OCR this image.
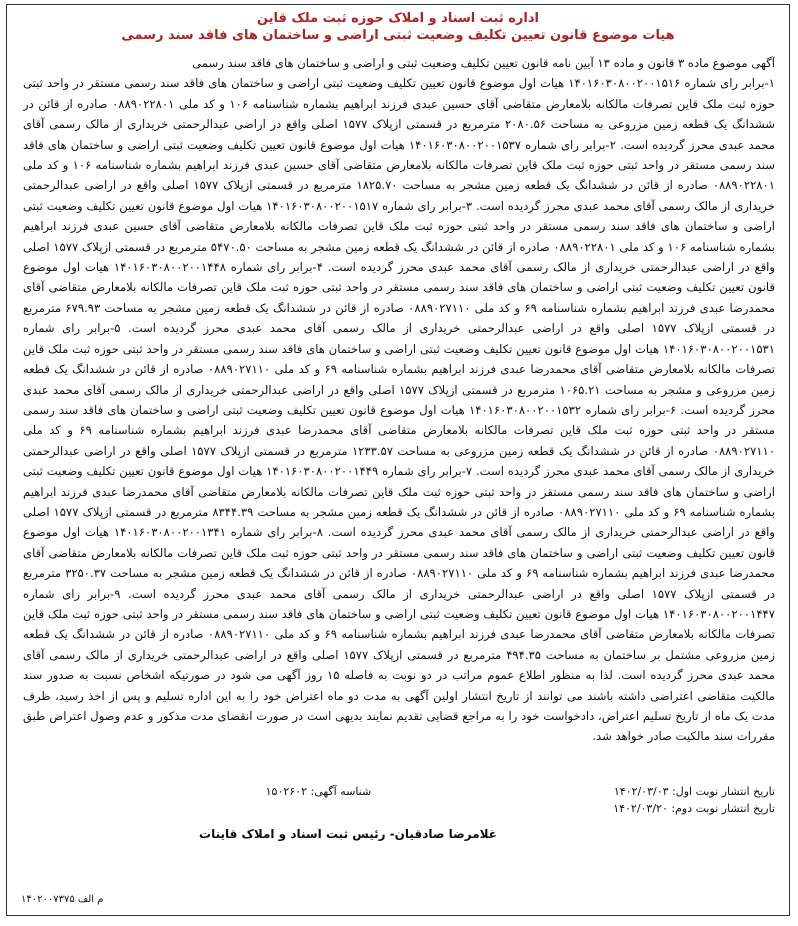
اداره ثبت اسناد و املاک حوزه ثبت ملک قاین
هیات موضوع قانون تعیین تکلیف وضعیت ثبتی اراضی و ساختمان های فاقد سند رسمی

آگهی موضوع ماده ۳ قانون و ماده ۱۳ آیین نامه قانون تعیین تکلیف وضعیت ثبتی و اراضی و ساختمان های فاقد سند رسمی

۱-برابر رای شماره ۱۴۰۱۶۰۳۰۸۰۰۲۰۰۱۵۱۶ هیات اول موضوع قانون تعیین تکلیف وضعیت ثبتی اراضی و ساختمان های فاقد سند رسمی مستقر در واحد ثبتی حوزه ثبت ملک قاین تصرفات مالکانه بلامعارض متقاضی آقای حسین عبدی فرزند ابراهیم بشماره شناسنامه ۱۰۶ و کد ملی ۰۸۸۹۰۲۲۸۰۱ صادره از قائن در ششدانگ یک قطعه زمین مزروعی به مساحت ۲۰۸۰.۵۶ مترمربع در قسمتی ازپلاک ۱۵۷۷ اصلی واقع در اراضی عبدالرحمتی خریداری از مالک رسمی آقای محمد عبدی محرز گردیده است. ۲-برابر رای شماره ۱۴۰۱۶۰۳۰۸۰۰۲۰۰۱۵۳۷ هیات اول موضوع قانون تعیین تکلیف وضعیت ثبتی اراضی و ساختمان های فاقد سند رسمی مستقر در واحد ثبتی حوزه ثبت ملک قاین تصرفات مالکانه بلامعارض متقاضی آقای حسین عبدی فرزند ابراهیم بشماره شناسنامه ۱۰۶ و کد ملی ۰۸۸۹۰۲۲۸۰۱ صادره از قائن در ششدانگ یک قطعه زمین مشجر به مساحت ۱۸۲۵.۷۰ مترمربع در قسمتی ازپلاک ۱۵۷۷ اصلی واقع در اراضی عبدالرحمتی خریداری از مالک رسمی آقای محمد عبدی محرز گردیده است. ۳-برابر رای شماره ۱۴۰۱۶۰۳۰۸۰۰۲۰۰۱۵۱۷ هیات اول موضوع قانون تعیین تکلیف وضعیت ثبتی اراضی و ساختمان های فاقد سند رسمی مستقر در واحد ثبتی حوزه ثبت ملک قاین تصرفات مالکانه بلامعارض متقاضی آقای حسین عبدی فرزند ابراهیم بشماره شناسنامه ۱۰۶ و کد ملی ۰۸۸۹۰۲۲۸۰۱ صادره از قائن در ششدانگ یک قطعه زمین مشجر به مساحت ۵۴۷۰.۵۰ مترمربع در قسمتی ازپلاک ۱۵۷۷ اصلی واقع در اراضی عبدالرحمتی خریداری از مالک رسمی آقای محمد عبدی محرز گردیده است. ۴-برابر رای شماره ۱۴۰۱۶۰۳۰۸۰۰۲۰۰۱۴۴۸ هیات اول موضوع قانون تعیین تکلیف وضعیت ثبتی اراضی و ساختمان های فاقد سند رسمی مستقر در واحد ثبتی حوزه ثبت ملک قاین تصرفات مالکانه بلامعارض متقاضی آقای محمدرضا عبدی فرزند ابراهیم بشماره شناسنامه ۶۹ و کد ملی ۰۸۸۹۰۲۷۱۱۰ صادره از قائن در ششدانگ یک قطعه زمین مشجر به مساحت ۶۷۹.۹۳ مترمربع در قسمتی ازپلاک ۱۵۷۷ اصلی واقع در اراضی عبدالرحمتی خریداری از مالک رسمی آقای محمد عبدی محرز گردیده است. ۵-برابر رای شماره ۱۴۰۱۶۰۳۰۸۰۰۲۰۰۱۵۳۱ هیات اول موضوع قانون تعیین تکلیف وضعیت ثبتی اراضی و ساختمان های فاقد سند رسمی مستقر در واحد ثبتی حوزه ثبت ملک قاین تصرفات مالکانه بلامعارض متقاضی آقای محمدرضا عبدی فرزند ابراهیم بشماره شناسنامه ۶۹ و کد ملی ۰۸۸۹۰۲۷۱۱۰ صادره از قائن در ششدانگ یک قطعه زمین مزروعی و مشجر به مساحت ۱۰۶۵.۲۱ مترمربع در قسمتی ازپلاک ۱۵۷۷ اصلی واقع در اراضی عبدالرحمتی خریداری از مالک رسمی آقای محمد عبدی محرز گردیده است. ۶-برابر رای شماره ۱۴۰۱۶۰۳۰۸۰۰۲۰۰۱۵۳۲ هیات اول موضوع قانون تعیین تکلیف وضعیت ثبتی اراضی و ساختمان های فاقد سند رسمی مستقر در واحد ثبتی حوزه ثبت ملک قاین تصرفات مالکانه بلامعارض متقاضی آقای محمدرضا عبدی فرزند ابراهیم بشماره شناسنامه ۶۹ و کد ملی ۰۸۸۹۰۲۷۱۱۰ صادره از قائن در ششدانگ یک قطعه زمین مزروعی به مساحت ۱۲۳۳.۵۷ مترمربع در قسمتی ازپلاک ۱۵۷۷ اصلی واقع در اراضی عبدالرحمتی خریداری از مالک رسمی آقای محمد عبدی محرز گردیده است. ۷-برابر رای شماره ۱۴۰۱۶۰۳۰۸۰۰۲۰۰۱۴۴۹ هیات اول موضوع قانون تعیین تکلیف وضعیت ثبتی اراضی و ساختمان های فاقد سند رسمی مستقر در واحد ثبتی حوزه ثبت ملک قاین تصرفات مالکانه بلامعارض متقاضی آقای محمدرضا عبدی فرزند ابراهیم بشماره شناسنامه ۶۹ و کد ملی ۰۸۸۹۰۲۷۱۱۰ صادره از قائن در ششدانگ یک قطعه زمین مشجر به مساحت ۸۳۴۴.۳۹ مترمربع در قسمتی ازپلاک ۱۵۷۷ اصلی واقع در اراضی عبدالرحمتی خریداری از مالک رسمی آقای محمد عبدی محرز گردیده است. ۸-برابر رای شماره ۱۴۰۱۶۰۳۰۸۰۰۲۰۰۱۳۴۱ هیات اول موضوع قانون تعیین تکلیف وضعیت ثبتی اراضی و ساختمان های فاقد سند رسمی مستقر در واحد ثبتی حوزه ثبت ملک قاین تصرفات مالکانه بلامعارض متقاضی آقای محمدرضا عبدی فرزند ابراهیم بشماره شناسنامه ۶۹ و کد ملی ۰۸۸۹۰۲۷۱۱۰ صادره از قائن در ششدانگ یک قطعه زمین مشجر به مساحت ۳۲۵۰.۳۷ مترمربع در قسمتی ازپلاک ۱۵۷۷ اصلی واقع در اراضی عبدالرحمتی خریداری از مالک رسمی آقای محمد عبدی محرز گردیده است. ۹-برابر رای شماره ۱۴۰۱۶۰۳۰۸۰۰۲۰۰۱۴۴۷ هیات اول موضوع قانون تعیین تکلیف وضعیت ثبتی اراضی و ساختمان های فاقد سند رسمی مستقر در واحد ثبتی حوزه ثبت ملک قاین تصرفات مالکانه بلامعارض متقاضی آقای محمدرضا عبدی فرزند ابراهیم بشماره شناسنامه ۶۹ و کد ملی ۰۸۸۹۰۲۷۱۱۰ صادره از قائن در ششدانگ یک قطعه زمین مزروعی مشتمل بر ساختمان به مساحت ۴۹۴.۳۵ مترمربع در قسمتی ازپلاک ۱۵۷۷ اصلی واقع در اراضی عبدالرحمتی خریداری از مالک رسمی آقای محمد عبدی محرز گردیده است. لذا به منظور اطلاع عموم مراتب در دو نوبت به فاصله ۱۵ روز آگهی می شود در صورتیکه اشخاص نسبت به صدور سند مالکیت متقاضی اعتراضی داشته باشند می توانند از تاریخ انتشار اولین آگهی به مدت دو ماه اعتراض خود را به این اداره تسلیم و پس از اخذ رسید، ظرف مدت یک ماه از تاریخ تسلیم اعتراض، دادخواست خود را به مراجع قضایی تقدیم نمایند بدیهی است در صورت انقضای مدت مذکور و عدم وصول اعتراض طبق مقررات سند مالکیت صادر خواهد شد.

تاریخ انتشار نوبت اول: ۱۴۰۲/۰۳/۰۳
شناسه آگهی: ۱۵۰۲۶۰۲
تاریخ انتشار نوبت دوم: ۱۴۰۲/۰۳/۲۰
غلامرضا صادقیان- رئیس ثبت اسناد و املاک قاینات
م الف ۱۴۰۲۰۰۷۳۷۵
